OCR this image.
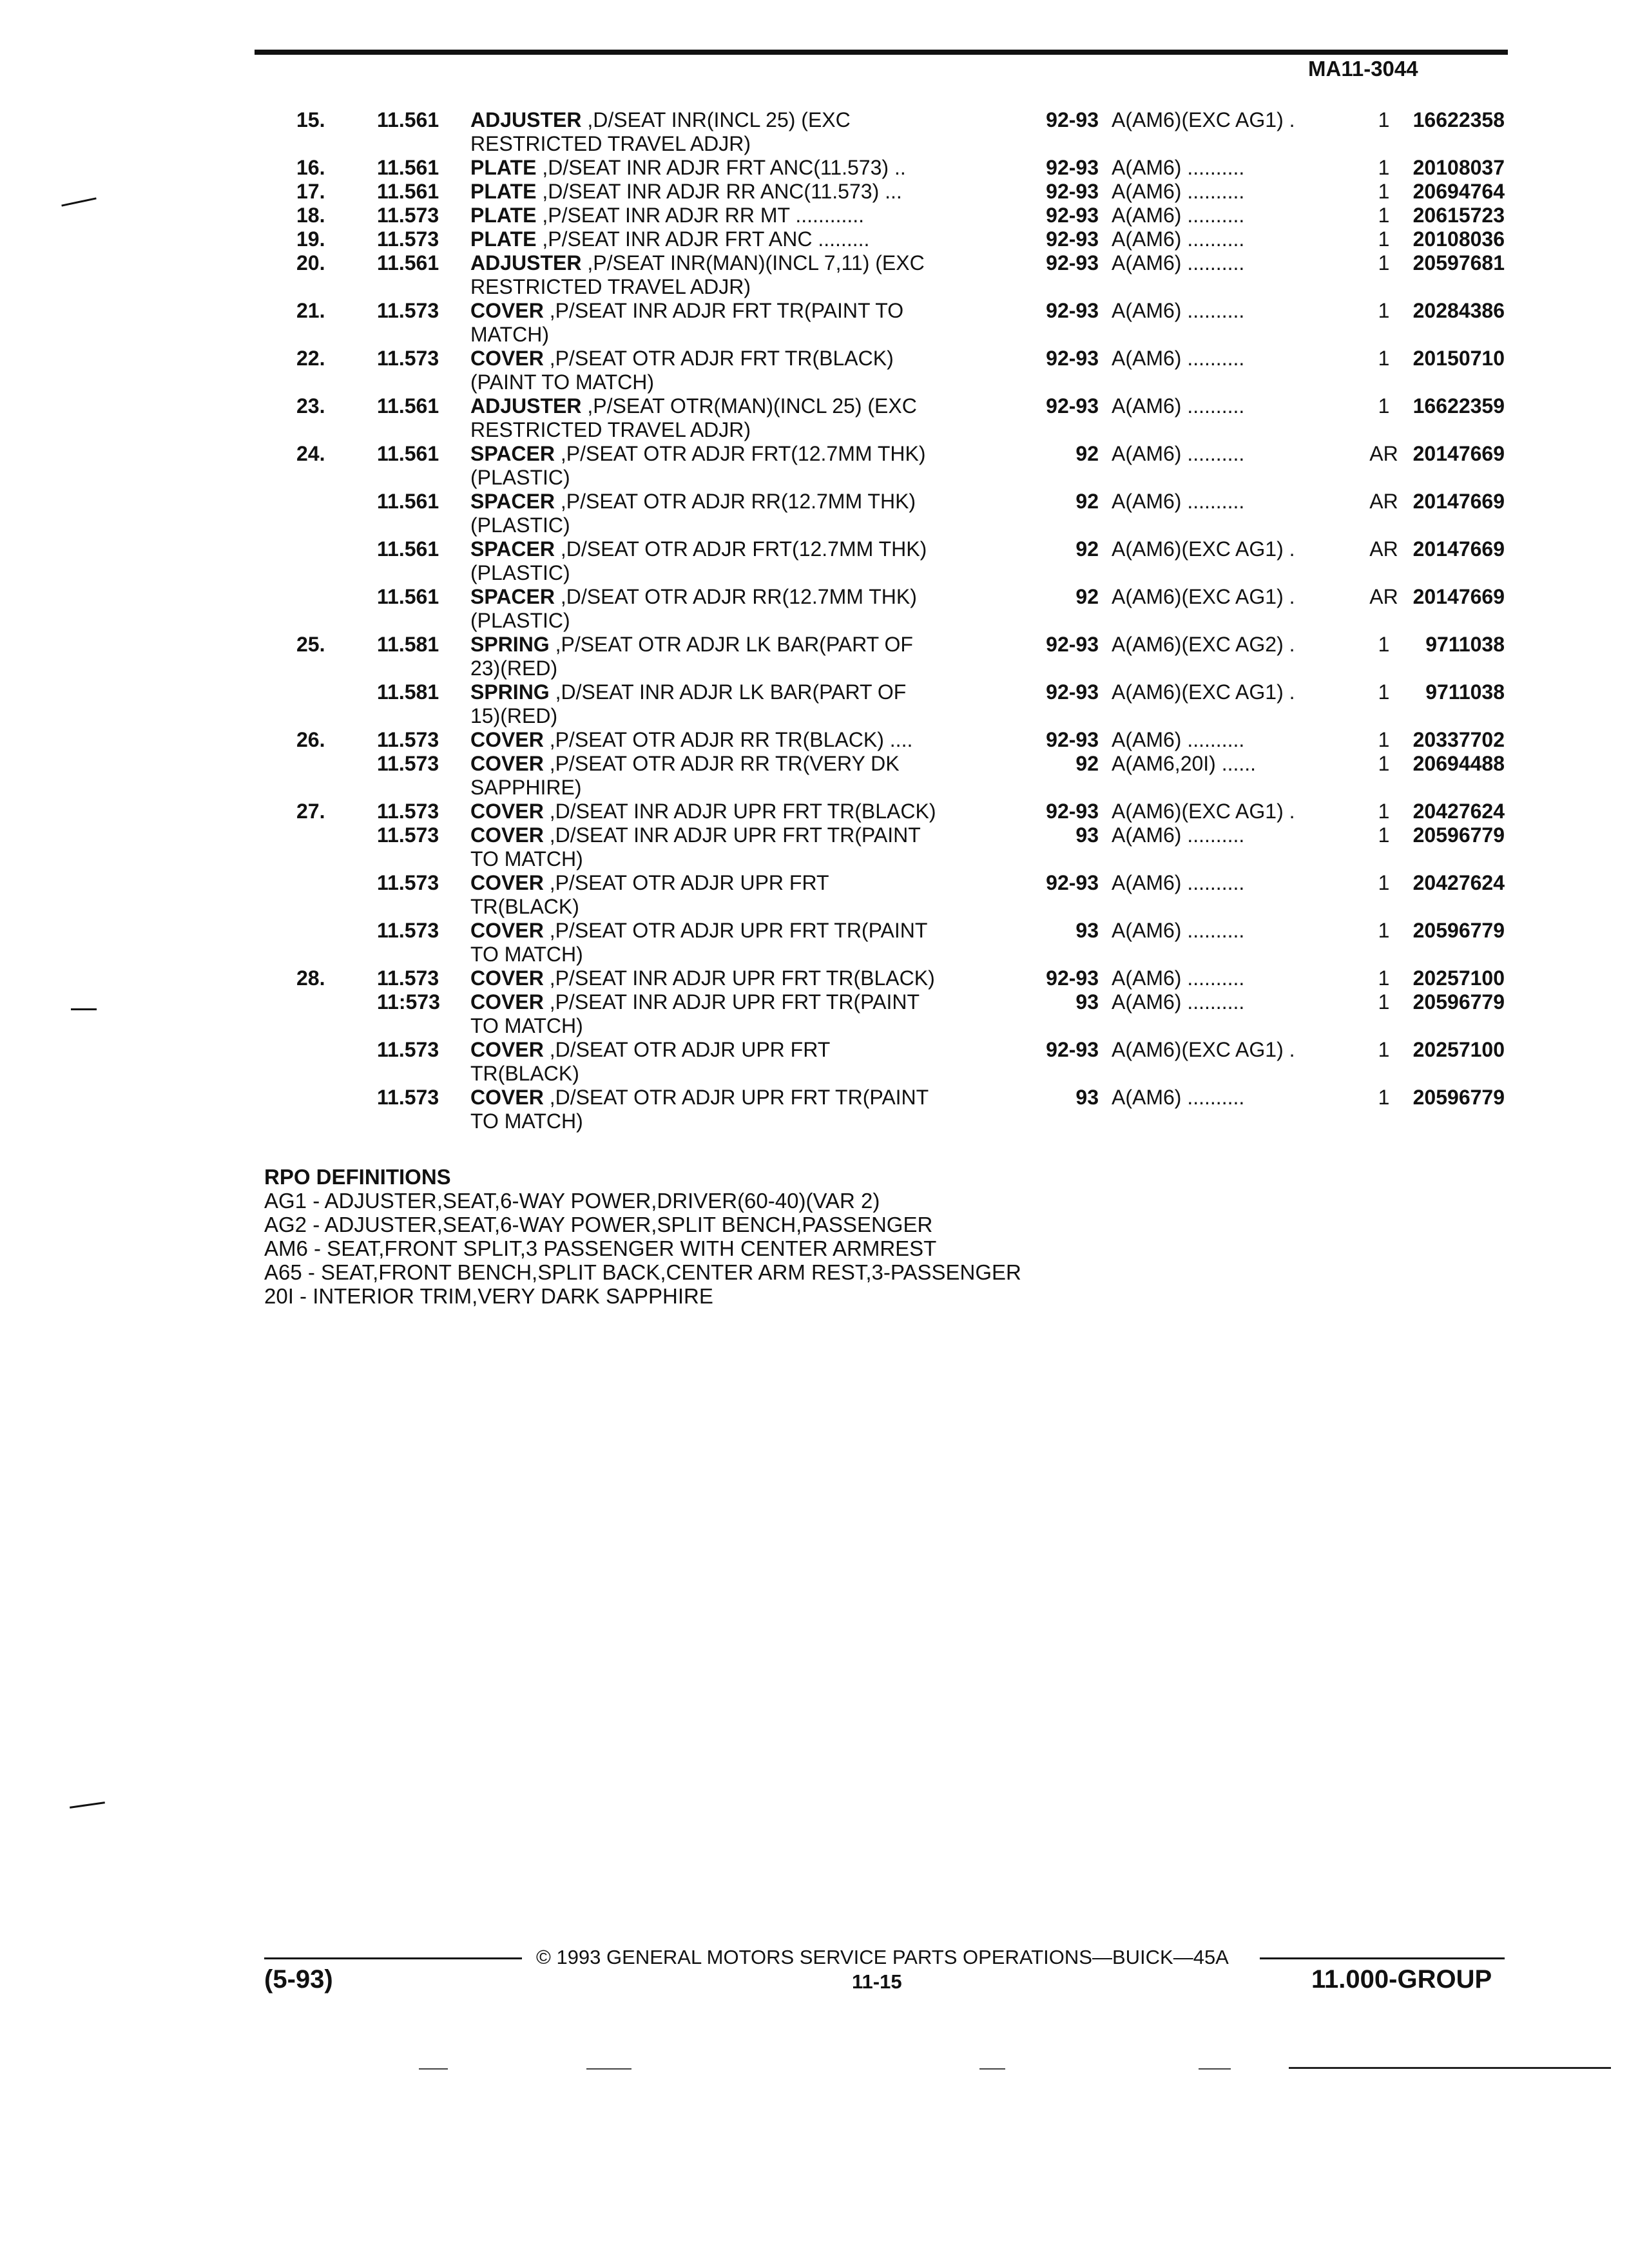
MA11-3044
15.	11.561	ADJUSTER ,D/SEAT INR(INCL 25) (EXC
RESTRICTED TRAVEL ADJR)
92-93 A(AM6)(EXC AG1) .	1	16622358
16.	11.561	PLATE ,D/SEAT INR ADJR FRT ANC(11.573) ..	92-93 A(AM6) ..........	1	20108037
17.	11.561	PLATE ,D/SEAT INR ADJR RR ANC(11.573) ...	92-93 A(AM6) ..........	1	20694764
18.	11.573	PLATE ,P/SEAT INR ADJR RR MT ............	92-93 A(AM6) ..........	1	20615723
19.	11.573	PLATE ,P/SEAT INR ADJR FRT ANC .........	92-93 A(AM6) ..........	1	20108036
20.	11.561	ADJUSTER ,P/SEAT INR(MAN)(INCL 7,11) (EXC
RESTRICTED TRAVEL ADJR)
92-93 A(AM6) ..........	1	20597681
21.	11.573	COVER ,P/SEAT INR ADJR FRT TR(PAINT TO
MATCH)
92-93 A(AM6) ..........	1	20284386
22.	11.573	COVER ,P/SEAT OTR ADJR FRT TR(BLACK)
(PAINT TO MATCH)
92-93 A(AM6) ..........	1	20150710
23.	11.561	ADJUSTER ,P/SEAT OTR(MAN)(INCL 25) (EXC
RESTRICTED TRAVEL ADJR)
92-93 A(AM6) ..........	1	16622359
24.	11.561	SPACER ,P/SEAT OTR ADJR FRT(12.7MM THK)
(PLASTIC)
92 A(AM6) ..........	AR 20147669
11.561	SPACER ,P/SEAT OTR ADJR RR(12.7MM THK)
(PLASTIC)
92 A(AM6) ..........	AR 20147669
11.561	SPACER ,D/SEAT OTR ADJR FRT(12.7MM THK)
(PLASTIC)
92 A(AM6)(EXC AG1) .	AR 20147669
11.561	SPACER ,D/SEAT OTR ADJR RR(12.7MM THK)
(PLASTIC)
92 A(AM6)(EXC AG1) .	AR 20147669
25.	11.581	SPRING ,P/SEAT OTR ADJR LK BAR(PART OF
23)(RED)
92-93 A(AM6)(EXC AG2) .	1	9711038
11.581	SPRING ,D/SEAT INR ADJR LK BAR(PART OF
15)(RED)
92-93 A(AM6)(EXC AG1) .	1	9711038
26.	11.573	COVER ,P/SEAT OTR ADJR RR TR(BLACK) ....	92-93 A(AM6) ..........	1	20337702
11.573	COVER ,P/SEAT OTR ADJR RR TR(VERY DK
SAPPHIRE)
92 A(AM6,20I) ......	1	20694488
27.	11.573	COVER ,D/SEAT INR ADJR UPR FRT TR(BLACK)	92-93 A(AM6)(EXC AG1) .	1	20427624
11.573	COVER ,D/SEAT INR ADJR UPR FRT TR(PAINT
TO MATCH)
93 A(AM6) ..........	1	20596779
11.573	COVER ,P/SEAT OTR ADJR UPR FRT
TR(BLACK)
92-93 A(AM6) ..........	1	20427624
11.573	COVER ,P/SEAT OTR ADJR UPR FRT TR(PAINT
TO MATCH)
93 A(AM6) ..........	1	20596779
28.	11.573	COVER ,P/SEAT INR ADJR UPR FRT TR(BLACK)	92-93 A(AM6) ..........	1	20257100
11:573	COVER ,P/SEAT INR ADJR UPR FRT TR(PAINT
TO MATCH)
93 A(AM6) ..........	1	20596779
11.573	COVER ,D/SEAT OTR ADJR UPR FRT
TR(BLACK)
92-93 A(AM6)(EXC AG1) .	1	20257100
11.573	COVER ,D/SEAT OTR ADJR UPR FRT TR(PAINT
TO MATCH)
93 A(AM6) ..........	1	20596779
RPO DEFINITIONS
AG1 - ADJUSTER,SEAT,6-WAY POWER,DRIVER(60-40)(VAR 2)
AG2 - ADJUSTER,SEAT,6-WAY POWER,SPLIT BENCH,PASSENGER
AM6 - SEAT,FRONT SPLIT,3 PASSENGER WITH CENTER ARMREST
A65 - SEAT,FRONT BENCH,SPLIT BACK,CENTER ARM REST,3-PASSENGER
20I - INTERIOR TRIM,VERY DARK SAPPHIRE
© 1993 GENERAL MOTORS SERVICE PARTS OPERATIONS—BUICK—45A
(5-93)	11-15	11.000-GROUP
